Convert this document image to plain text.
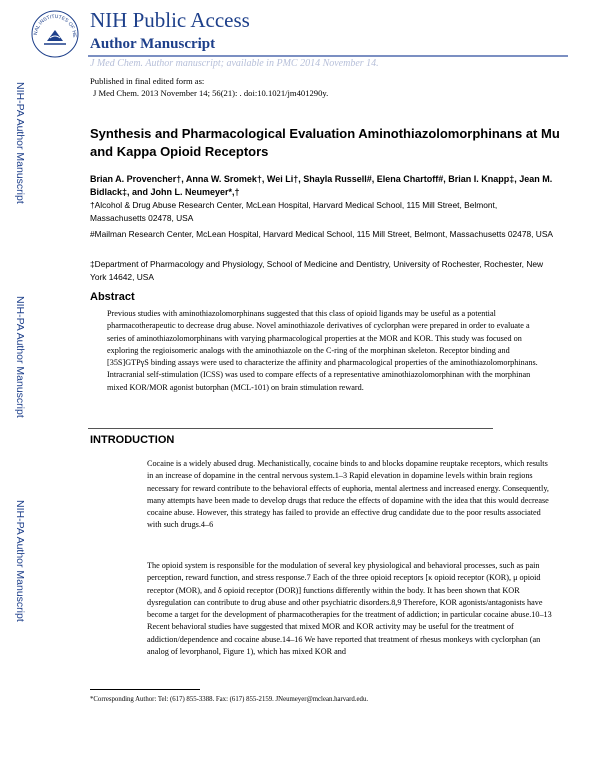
NAL INSTITUTES OF HE
NIH Public Access
Author Manuscript
J Med Chem. Author manuscript; available in PMC 2014 November 14.
Published in final edited form as:
J Med Chem. 2013 November 14; 56(21): . doi:10.1021/jm401290y.
NIH-PA Author Manuscript
NIH-PA Author Manuscript
NIH-PA Author Manuscript
Synthesis and Pharmacological Evaluation Aminothiazolomorphinans at Mu and Kappa Opioid Receptors
Brian A. Provencher†, Anna W. Sromek†, Wei Li†, Shayla Russell#, Elena Chartoff#, Brian I. Knapp‡, Jean M. Bidlack‡, and John L. Neumeyer*,†
†Alcohol & Drug Abuse Research Center, McLean Hospital, Harvard Medical School, 115 Mill Street, Belmont, Massachusetts 02478, USA
#Mailman Research Center, McLean Hospital, Harvard Medical School, 115 Mill Street, Belmont, Massachusetts 02478, USA
‡Department of Pharmacology and Physiology, School of Medicine and Dentistry, University of Rochester, Rochester, New York 14642, USA
Abstract
Previous studies with aminothiazolomorphinans suggested that this class of opioid ligands may be useful as a potential pharmacotherapeutic to decrease drug abuse. Novel aminothiazole derivatives of cyclorphan were prepared in order to evaluate a series of aminothiazolomorphinans with varying pharmacological properties at the MOR and KOR. This study was focused on exploring the regioisomeric analogs with the aminothiazole on the C-ring of the morphinan skeleton. Receptor binding and [35S]GTPγS binding assays were used to characterize the affinity and pharmacological properties of the aminothiazolomorphinans. Intracranial self-stimulation (ICSS) was used to compare effects of a representative aminothiazolomorphinan with the morphinan mixed KOR/MOR agonist butorphan (MCL-101) on brain stimulation reward.
INTRODUCTION
Cocaine is a widely abused drug. Mechanistically, cocaine binds to and blocks dopamine reuptake receptors, which results in an increase of dopamine in the central nervous system.1–3 Rapid elevation in dopamine levels within brain regions necessary for reward contribute to the behavioral effects of euphoria, mental alertness and increased energy. Consequently, many attempts have been made to develop drugs that reduce the effects of dopamine with the idea that this would decrease cocaine abuse. However, this strategy has failed to provide an effective drug candidate due to the poor results associated with such drugs.4–6
The opioid system is responsible for the modulation of several key physiological and behavioral processes, such as pain perception, reward function, and stress response.7 Each of the three opioid receptors [κ opioid receptor (KOR), μ opioid receptor (MOR), and δ opioid receptor (DOR)] functions differently within the body. It has been shown that KOR dysregulation can contribute to drug abuse and other psychiatric disorders.8,9 Therefore, KOR agonists/antagonists have become a target for the development of pharmacotherapies for the treatment of addiction; in particular cocaine abuse.10–13 Recent behavioral studies have suggested that mixed MOR and KOR activity may be useful for the treatment of addiction/dependence and cocaine abuse.14–16 We have reported that treatment of rhesus monkeys with cyclorphan (an analog of levorphanol, Figure 1), which has mixed KOR and
*Corresponding Author: Tel: (617) 855-3388. Fax: (617) 855-2159. JNeumeyer@mclean.harvard.edu.
